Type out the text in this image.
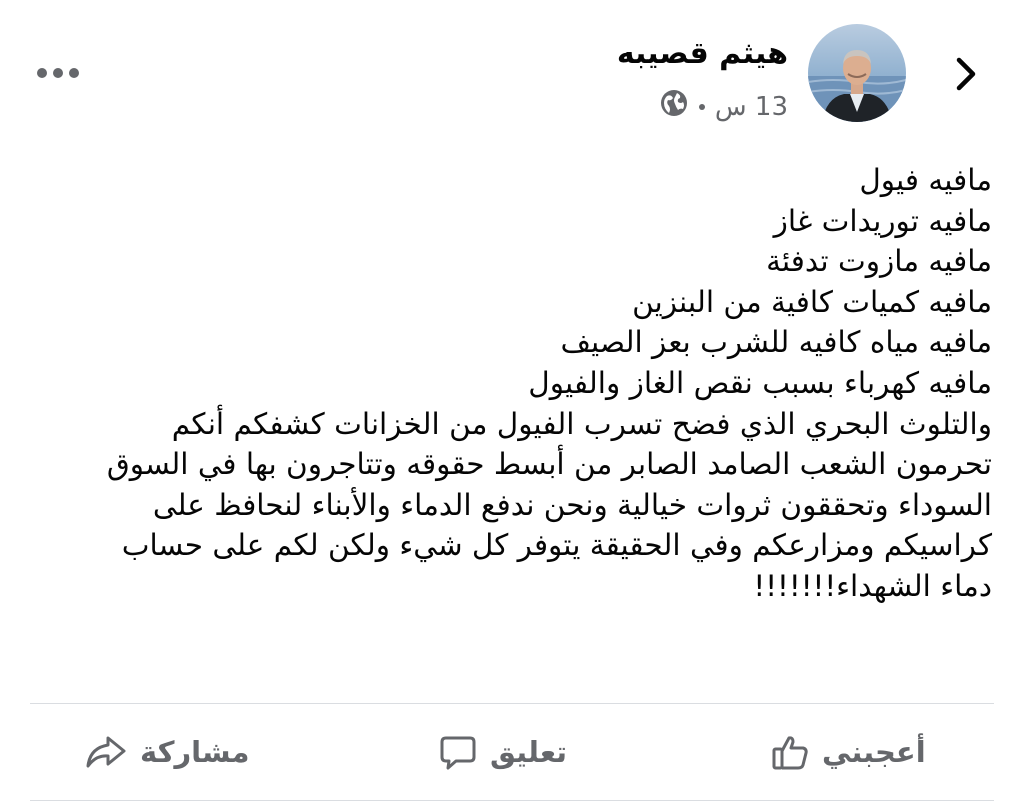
هيثم قصيبه
13 س

مافيه فيول

مافيه توريدات غاز

مافيه مازوت تدفئة

مافيه كميات كافية من البنزين

مافيه مياه كافيه للشرب بعز الصيف

مافيه كهرباء بسبب نقص الغاز والفيول

والتلوث البحري الذي فضح تسرب الفيول من الخزانات كشفكم أنكم

تحرمون الشعب الصامد الصابر من أبسط حقوقه وتتاجرون بها في السوق

السوداء وتحققون ثروات خيالية ونحن ندفع الدماء والأبناء لنحافظ على

كراسيكم ومزارعكم وفي الحقيقة يتوفر كل شيء ولكن لكم على حساب

دماء الشهداء!!!!!!!

أعجبني
تعليق
مشاركة
